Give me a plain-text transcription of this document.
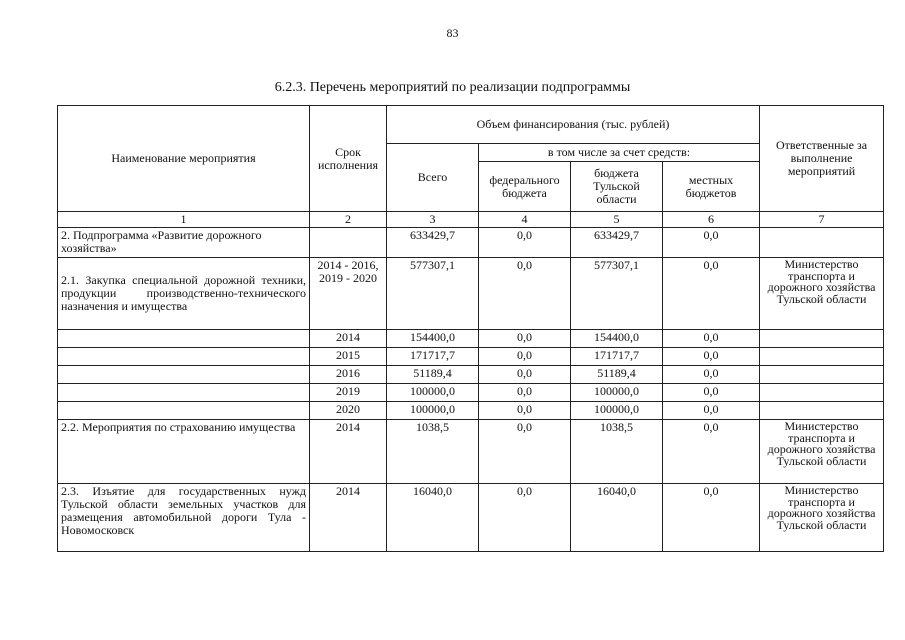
83
6.2.3. Перечень мероприятий по реализации подпрограммы
Наименование мероприятия	Срок исполнения	Объем финансирования (тыс. рублей)				Ответственные за выполнение мероприятий
		Всего	в том числе за счет средств:			
			федерального бюджета	бюджета Тульской области	местных бюджетов	
1	2	3	4	5	6	7
2. Подпрограмма «Развитие дорожного хозяйства»		633429,7	0,0	633429,7	0,0	
2.1. Закупка специальной дорожной техники, продукции производственно-технического назначения и имущества	2014 - 2016, 2019 - 2020	577307,1	0,0	577307,1	0,0	Министерство транспорта и дорожного хозяйства Тульской области
	2014	154400,0	0,0	154400,0	0,0	
	2015	171717,7	0,0	171717,7	0,0	
	2016	51189,4	0,0	51189,4	0,0	
	2019	100000,0	0,0	100000,0	0,0	
	2020	100000,0	0,0	100000,0	0,0	
2.2. Мероприятия по страхованию имущества	2014	1038,5	0,0	1038,5	0,0	Министерство транспорта и дорожного хозяйства Тульской области
2.3. Изъятие для государственных нужд Тульской области земельных участков для размещения автомобильной дороги Тула - Новомосковск	2014	16040,0	0,0	16040,0	0,0	Министерство транспорта и дорожного хозяйства Тульской области
